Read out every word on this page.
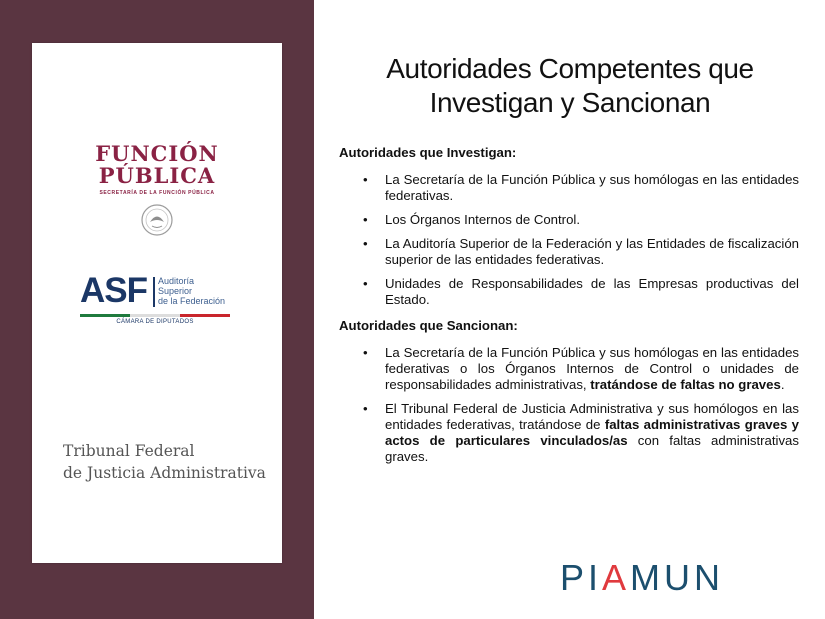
FUNCIÓN
PÚBLICA
SECRETARÍA DE LA FUNCIÓN PÚBLICA
ASF Auditoría
Superior
de la Federación
CÁMARA DE DIPUTADOS
Tribunal Federal
de Justicia Administrativa
Autoridades Competentes que
Investigan y Sancionan
Autoridades que Investigan:
• La Secretaría de la Función Pública y sus homólogas en las entidades federativas.
• Los Órganos Internos de Control.
• La Auditoría Superior de la Federación y las Entidades de fiscalización superior de las entidades federativas.
• Unidades de Responsabilidades de las Empresas productivas del Estado.
Autoridades que Sancionan:
• La Secretaría de la Función Pública y sus homólogas en las entidades federativas o los Órganos Internos de Control o unidades de responsabilidades administrativas, tratándose de faltas no graves.
• El Tribunal Federal de Justicia Administrativa y sus homólogos en las entidades federativas, tratándose de faltas administrativas graves y actos de particulares vinculados/as con faltas administrativas graves.
PIAMUN
